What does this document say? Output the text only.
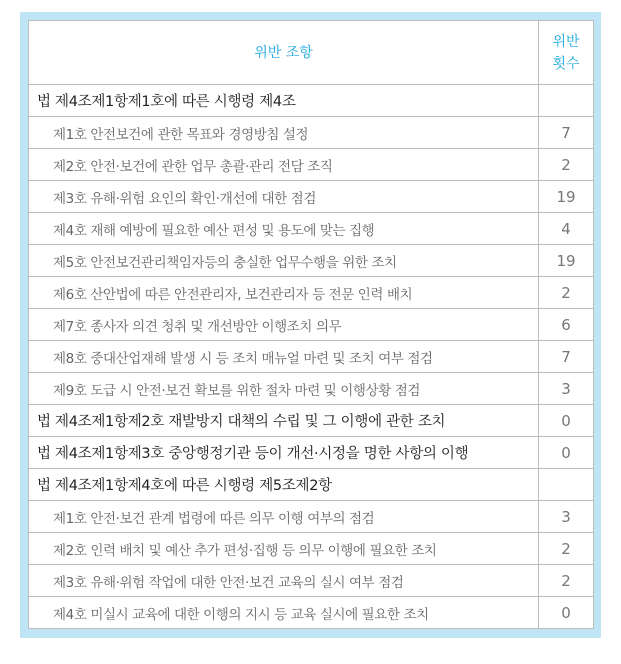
위반 조항	위반
횟수

법 제4조제1항제1호에 따른 시행령 제4조	
제1호 안전보건에 관한 목표와 경영방침 설정	7
제2호 안전·보건에 관한 업무 총괄·관리 전담 조직	2
제3호 유해·위험 요인의 확인·개선에 대한 점검	19
제4호 재해 예방에 필요한 예산 편성 및 용도에 맞는 집행	4
제5호 안전보건관리책임자등의 충실한 업무수행을 위한 조치	19
제6호 산안법에 따른 안전관리자, 보건관리자 등 전문 인력 배치	2
제7호 종사자 의견 청취 및 개선방안 이행조치 의무	6
제8호 중대산업재해 발생 시 등 조치 매뉴얼 마련 및 조치 여부 점검	7
제9호 도급 시 안전·보건 확보를 위한 절차 마련 및 이행상황 점검	3
법 제4조제1항제2호 재발방지 대책의 수립 및 그 이행에 관한 조치	0
법 제4조제1항제3호 중앙행정기관 등이 개선·시정을 명한 사항의 이행	0
법 제4조제1항제4호에 따른 시행령 제5조제2항	
제1호 안전·보건 관계 법령에 따른 의무 이행 여부의 점검	3
제2호 인력 배치 및 예산 추가 편성·집행 등 의무 이행에 필요한 조치	2
제3호 유해·위험 작업에 대한 안전·보건 교육의 실시 여부 점검	2
제4호 미실시 교육에 대한 이행의 지시 등 교육 실시에 필요한 조치	0
